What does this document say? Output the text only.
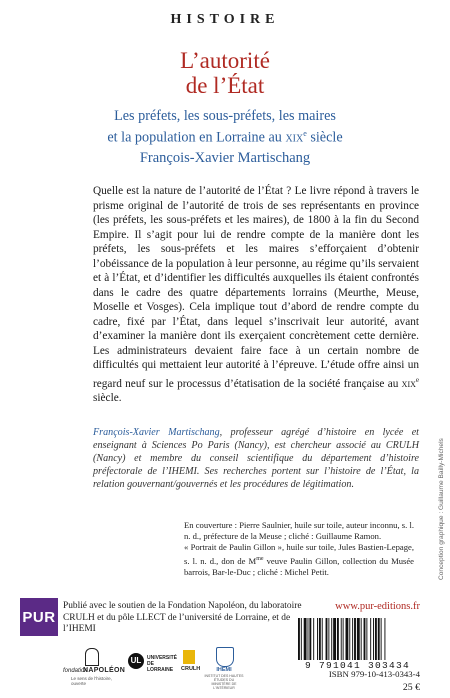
HISTOIRE
L’autorité
de l’État
Les préfets, les sous-préfets, les maires
et la population en Lorraine au xix$^e$ siècle
François-Xavier Martischang
Quelle est la nature de l’autorité de l’État ? Le livre répond à travers le prisme original de l’autorité de trois de ses représentants en province (les préfets, les sous-préfets et les maires), de 1800 à la fin du Second Empire. Il s’agit pour lui de rendre compte de la manière dont les préfets, les sous-préfets et les maires s’efforçaient d’obtenir l’obéissance de la population à leur personne, au régime qu’ils servaient et à l’État, et d’identifier les difficultés auxquelles ils étaient confrontés dans le cadre des quatre départements lorrains (Meurthe, Meuse, Moselle et Vosges). Cela implique tout d’abord de rendre compte du cadre, fixé par l’État, dans lequel s’inscrivait leur autorité, avant d’examiner la manière dont ils exerçaient concrètement cette dernière. Les administrateurs devaient faire face à un certain nombre de difficultés qui mettaient leur autorité à l’épreuve. L’étude offre ainsi un regard neuf sur le processus d’étatisation de la société française au xix$^e$ siècle.
François-Xavier Martischang, professeur agrégé d’histoire en lycée et enseignant à Sciences Po Paris (Nancy), est chercheur associé au CRULH (Nancy) et membre du conseil scientifique du département d’histoire préfectorale de l’IHEMI. Ses recherches portent sur l’histoire de l’État, la relation gouvernant/gouvernés et les procédures de légitimation.
En couverture : Pierre Saulnier, huile sur toile, auteur inconnu, s. l. n. d., préfecture de la Meuse ; cliché : Guillaume Ramon.
« Portrait de Paulin Gillon », huile sur toile, Jules Bastien-Lepage, s. l. n. d., don de $M^{me}$ veuve Paulin Gillon, collection du Musée barrois, Bar-le-Duc ; cliché : Michel Petit.	Conception graphique : Guillaume Bailly-Michels
PUR
Publié avec le soutien de la Fondation Napoléon, du laboratoire CRULH et du pôle LLECT de l’université de Lorraine, et de l’IHEMI
www.pur-editions.fr
9 791041 303434
ISBN 979-10-413-0343-4
25 €
fondation
NAPOLÉON
Le sens de l'histoire, ouverte
UL	UNIVERSITÉ
DE LORRAINE	CRULH	IHEMI
INSTITUT DES HAUTES ÉTUDES DU MINISTÈRE DE L'INTÉRIEUR
